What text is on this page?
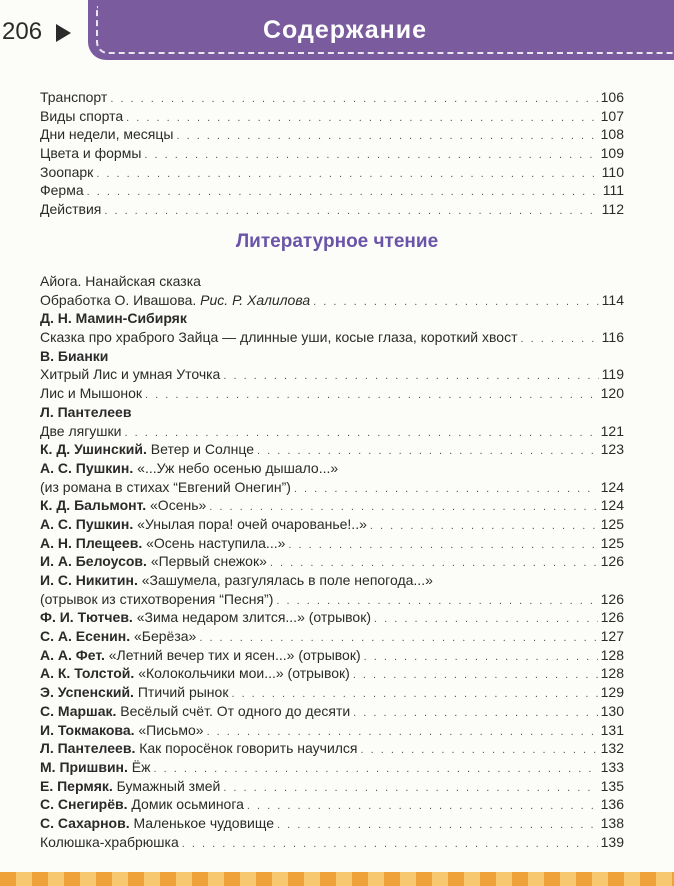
206	Содержание
Транспорт . . .	106
Виды спорта . . .	107
Дни недели, месяцы . . .	108
Цвета и формы . . .	109
Зоопарк . . .	110
Ферма . . .	111
Действия . . .	112
Литературное чтение
Айога. Нанайская сказка
Обработка О. Ивашова. Рис. Р. Халилова . . .	114
Д. Н. Мамин-Сибиряк
Сказка про храброго Зайца — длинные уши, косые глаза, короткий хвост . . .	116
В. Бианки
Хитрый Лис и умная Уточка . . .	119
Лис и Мышонок . . .	120
Л. Пантелеев
Две лягушки . . .	121
К. Д. Ушинский. Ветер и Солнце . . .	123
А. С. Пушкин. «...Уж небо осенью дышало...»
(из романа в стихах “Евгений Онегин”) . . .	124
К. Д. Бальмонт. «Осень» . . .	124
А. С. Пушкин. «Унылая пора! очей очарованье!..» . . .	125
А. Н. Плещеев. «Осень наступила...» . . .	125
И. А. Белоусов. «Первый снежок» . . .	126
И. С. Никитин. «Зашумела, разгулялась в поле непогода...»
(отрывок из стихотворения “Песня”) . . .	126
Ф. И. Тютчев. «Зима недаром злится...» (отрывок) . . .	126
С. А. Есенин. «Берёза» . . .	127
А. А. Фет. «Летний вечер тих и ясен...» (отрывок) . . .	128
А. К. Толстой. «Колокольчики мои...» (отрывок) . . .	128
Э. Успенский. Птичий рынок . . .	129
С. Маршак. Весёлый счёт. От одного до десяти . . .	130
И. Токмакова. «Письмо» . . .	131
Л. Пантелеев. Как поросёнок говорить научился . . .	132
М. Пришвин. Ёж . . .	133
Е. Пермяк. Бумажный змей . . .	135
С. Снегирёв. Домик осьминога . . .	136
С. Сахарнов. Маленькое чудовище . . .	138
Колюшка-храбрюшка . . .	139
